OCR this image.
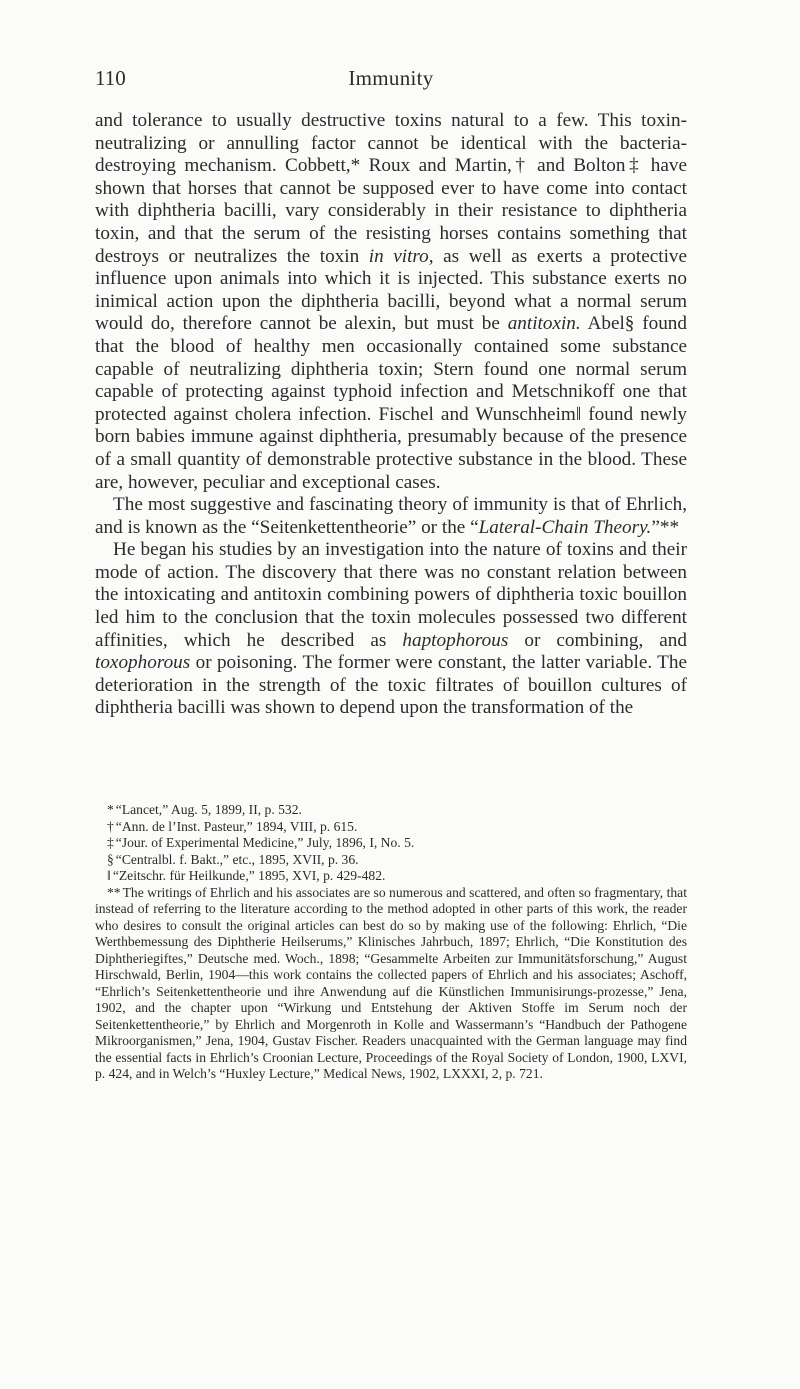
110	Immunity

and tolerance to usually destructive toxins natural to a few. This toxin-neutralizing or annulling factor cannot be identical with the bacteria-destroying mechanism. Cobbett,* Roux and Martin,† and Bolton‡ have shown that horses that cannot be supposed ever to have come into contact with diphtheria bacilli, vary considerably in their resistance to diphtheria toxin, and that the serum of the resisting horses contains something that destroys or neutralizes the toxin in vitro, as well as exerts a protective influence upon animals into which it is injected. This substance exerts no inimical action upon the diphtheria bacilli, beyond what a normal serum would do, therefore cannot be alexin, but must be antitoxin. Abel§ found that the blood of healthy men occasionally contained some substance capable of neutralizing diphtheria toxin; Stern found one normal serum capable of protecting against typhoid infection and Metschnikoff one that protected against cholera infection. Fischel and Wunschheim‖ found newly born babies immune against diphtheria, presumably because of the presence of a small quantity of demonstrable protective substance in the blood. These are, however, peculiar and exceptional cases.

The most suggestive and fascinating theory of immunity is that of Ehrlich, and is known as the “Seitenkettentheorie” or the “Lateral-Chain Theory.”**

He began his studies by an investigation into the nature of toxins and their mode of action. The discovery that there was no constant relation between the intoxicating and antitoxin combining powers of diphtheria toxic bouillon led him to the conclusion that the toxin molecules possessed two different affinities, which he described as haptophorous or combining, and toxophorous or poisoning. The former were constant, the latter variable. The deterioration in the strength of the toxic filtrates of bouillon cultures of diphtheria bacilli was shown to depend upon the transformation of the

* “Lancet,” Aug. 5, 1899, II, p. 532.

† “Ann. de l’Inst. Pasteur,” 1894, VIII, p. 615.

‡ “Jour. of Experimental Medicine,” July, 1896, I, No. 5.

§ “Centralbl. f. Bakt.,” etc., 1895, XVII, p. 36.

‖ “Zeitschr. für Heilkunde,” 1895, XVI, p. 429-482.

** The writings of Ehrlich and his associates are so numerous and scattered, and often so fragmentary, that instead of referring to the literature according to the method adopted in other parts of this work, the reader who desires to consult the original articles can best do so by making use of the following: Ehrlich, “Die Werthbemessung des Diphtherie Heilserums,” Klinisches Jahrbuch, 1897; Ehrlich, “Die Konstitution des Diphtheriegiftes,” Deutsche med. Woch., 1898; “Gesammelte Arbeiten zur Immunitätsforschung,” August Hirschwald, Berlin, 1904—this work contains the collected papers of Ehrlich and his associates; Aschoff, “Ehrlich’s Seitenkettentheorie und ihre Anwendung auf die Künstlichen Immunisirungs-prozesse,” Jena, 1902, and the chapter upon “Wirkung und Entstehung der Aktiven Stoffe im Serum noch der Seitenkettentheorie,” by Ehrlich and Morgenroth in Kolle and Wassermann’s “Handbuch der Pathogene Mikroorganismen,” Jena, 1904, Gustav Fischer. Readers unacquainted with the German language may find the essential facts in Ehrlich’s Croonian Lecture, Proceedings of the Royal Society of London, 1900, LXVI, p. 424, and in Welch’s “Huxley Lecture,” Medical News, 1902, LXXXI, 2, p. 721.
